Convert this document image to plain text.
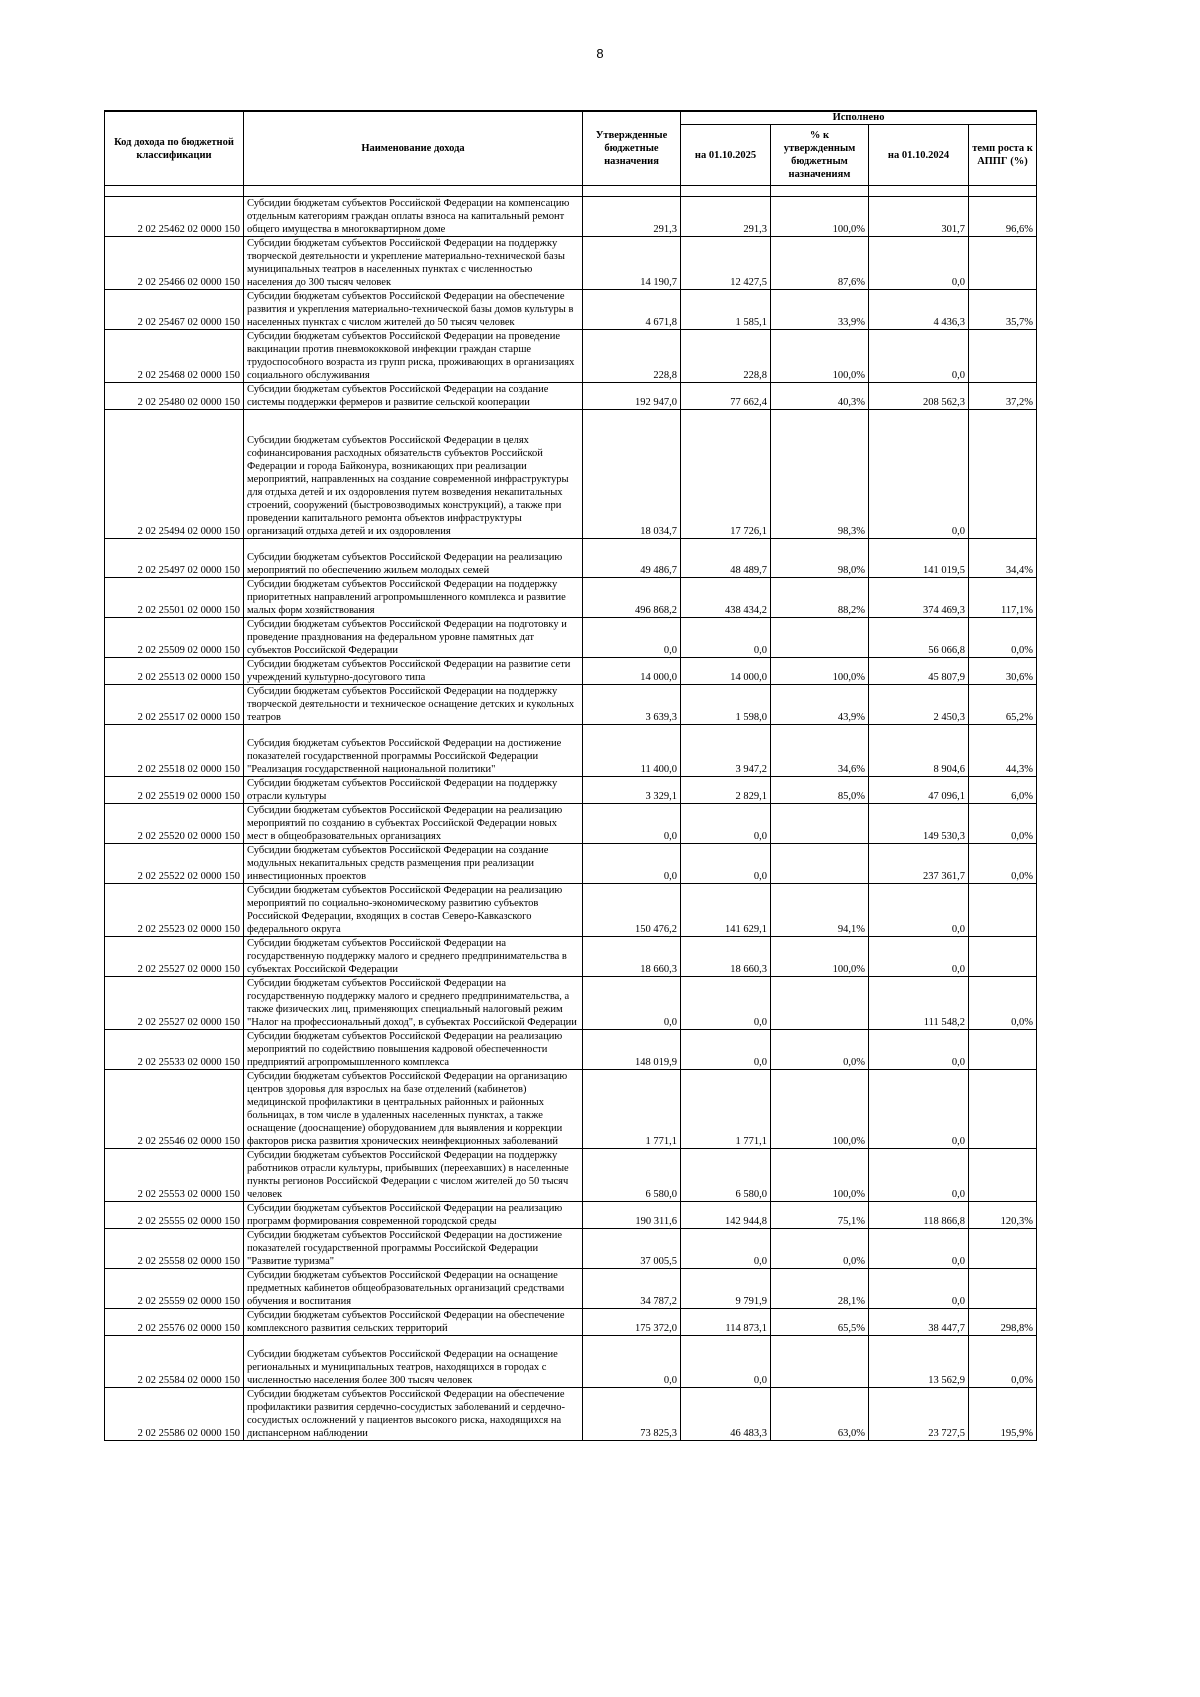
8
Код дохода по бюджетной классификации	Наименование дохода	Утвержденные бюджетные назначения	Исполнено			
			на 01.10.2025	% к утвержденным бюджетным назначениям	на 01.10.2024	темп роста к АППГ (%)

2 02 25462 02 0000 150	Субсидии бюджетам субъектов Российской Федерации на компенсацию отдельным категориям граждан оплаты взноса на капитальный ремонт общего имущества в многоквартирном доме	291,3	291,3	100,0%	301,7	96,6%
2 02 25466 02 0000 150	Субсидии бюджетам субъектов Российской Федерации на поддержку творческой деятельности и укрепление материально-технической базы муниципальных театров в населенных пунктах с численностью населения до 300 тысяч человек	14 190,7	12 427,5	87,6%	0,0	
2 02 25467 02 0000 150	Субсидии бюджетам субъектов Российской Федерации на обеспечение развития и укрепления материально-технической базы домов культуры в населенных пунктах с числом жителей до 50 тысяч человек	4 671,8	1 585,1	33,9%	4 436,3	35,7%
2 02 25468 02 0000 150	Субсидии бюджетам субъектов Российской Федерации на проведение вакцинации против пневмококковой инфекции граждан старше трудоспособного возраста из групп риска, проживающих в организациях социального обслуживания	228,8	228,8	100,0%	0,0	
2 02 25480 02 0000 150	Субсидии бюджетам субъектов Российской Федерации на создание системы поддержки фермеров и развитие сельской кооперации	192 947,0	77 662,4	40,3%	208 562,3	37,2%
2 02 25494 02 0000 150	Субсидии бюджетам субъектов Российской Федерации в целях софинансирования расходных обязательств субъектов Российской Федерации и города Байконура, возникающих при реализации мероприятий, направленных на создание современной инфраструктуры для отдыха детей и их оздоровления путем возведения некапитальных строений, сооружений (быстровозводимых конструкций), а также при проведении капитального ремонта объектов инфраструктуры организаций отдыха детей и их оздоровления	18 034,7	17 726,1	98,3%	0,0	
2 02 25497 02 0000 150	Субсидии бюджетам субъектов Российской Федерации на реализацию мероприятий по обеспечению жильем молодых семей	49 486,7	48 489,7	98,0%	141 019,5	34,4%
2 02 25501 02 0000 150	Субсидии бюджетам субъектов Российской Федерации на поддержку приоритетных направлений агропромышленного комплекса и развитие малых форм хозяйствования	496 868,2	438 434,2	88,2%	374 469,3	117,1%
2 02 25509 02 0000 150	Субсидии бюджетам субъектов Российской Федерации на подготовку и проведение празднования на федеральном уровне памятных дат субъектов Российской Федерации	0,0	0,0		56 066,8	0,0%
2 02 25513 02 0000 150	Субсидии бюджетам субъектов Российской Федерации на развитие сети учреждений культурно-досугового типа	14 000,0	14 000,0	100,0%	45 807,9	30,6%
2 02 25517 02 0000 150	Субсидии бюджетам субъектов Российской Федерации на поддержку творческой деятельности и техническое оснащение детских и кукольных театров	3 639,3	1 598,0	43,9%	2 450,3	65,2%
2 02 25518 02 0000 150	Субсидия бюджетам субъектов Российской Федерации на достижение показателей государственной программы Российской Федерации "Реализация государственной национальной политики"	11 400,0	3 947,2	34,6%	8 904,6	44,3%
2 02 25519 02 0000 150	Субсидии бюджетам субъектов Российской Федерации на поддержку отрасли культуры	3 329,1	2 829,1	85,0%	47 096,1	6,0%
2 02 25520 02 0000 150	Субсидии бюджетам субъектов Российской Федерации на реализацию мероприятий по созданию в субъектах Российской Федерации новых мест в общеобразовательных организациях	0,0	0,0		149 530,3	0,0%
2 02 25522 02 0000 150	Субсидии бюджетам субъектов Российской Федерации на создание модульных некапитальных средств размещения при реализации инвестиционных проектов	0,0	0,0		237 361,7	0,0%
2 02 25523 02 0000 150	Субсидии бюджетам субъектов Российской Федерации на реализацию мероприятий по социально-экономическому развитию субъектов Российской Федерации, входящих в состав Северо-Кавказского федерального округа	150 476,2	141 629,1	94,1%	0,0	
2 02 25527 02 0000 150	Субсидии бюджетам субъектов Российской Федерации на государственную поддержку малого и среднего предпринимательства в субъектах Российской Федерации	18 660,3	18 660,3	100,0%	0,0	
2 02 25527 02 0000 150	Субсидии бюджетам субъектов Российской Федерации на государственную поддержку малого и среднего предпринимательства, а также физических лиц, применяющих специальный налоговый режим "Налог на профессиональный доход", в субъектах Российской Федерации	0,0	0,0		111 548,2	0,0%
2 02 25533 02 0000 150	Субсидии бюджетам субъектов Российской Федерации на реализацию мероприятий по содействию повышения кадровой обеспеченности предприятий агропромышленного комплекса	148 019,9	0,0	0,0%	0,0	
2 02 25546 02 0000 150	Субсидии бюджетам субъектов Российской Федерации на организацию центров здоровья для взрослых на базе отделений (кабинетов) медицинской профилактики в центральных районных и районных больницах, в том числе в удаленных населенных пунктах, а также оснащение (дооснащение) оборудованием для выявления и коррекции факторов риска развития хронических неинфекционных заболеваний	1 771,1	1 771,1	100,0%	0,0	
2 02 25553 02 0000 150	Субсидии бюджетам субъектов Российской Федерации на поддержку работников отрасли культуры, прибывших (переехавших) в населенные пункты регионов Российской Федерации с числом жителей до 50 тысяч человек	6 580,0	6 580,0	100,0%	0,0	
2 02 25555 02 0000 150	Субсидии бюджетам субъектов Российской Федерации на реализацию программ формирования современной городской среды	190 311,6	142 944,8	75,1%	118 866,8	120,3%
2 02 25558 02 0000 150	Субсидии бюджетам субъектов Российской Федерации на достижение показателей государственной программы Российской Федерации "Развитие туризма"	37 005,5	0,0	0,0%	0,0	
2 02 25559 02 0000 150	Субсидии бюджетам субъектов Российской Федерации на оснащение предметных кабинетов общеобразовательных организаций средствами обучения и воспитания	34 787,2	9 791,9	28,1%	0,0	
2 02 25576 02 0000 150	Субсидии бюджетам субъектов Российской Федерации на обеспечение комплексного развития сельских территорий	175 372,0	114 873,1	65,5%	38 447,7	298,8%
2 02 25584 02 0000 150	Субсидии бюджетам субъектов Российской Федерации на оснащение региональных и муниципальных театров, находящихся в городах с численностью населения более 300 тысяч человек	0,0	0,0		13 562,9	0,0%
2 02 25586 02 0000 150	Субсидии бюджетам субъектов Российской Федерации на обеспечение профилактики развития сердечно-сосудистых заболеваний и сердечно-сосудистых осложнений у пациентов высокого риска, находящихся на диспансерном наблюдении	73 825,3	46 483,3	63,0%	23 727,5	195,9%
